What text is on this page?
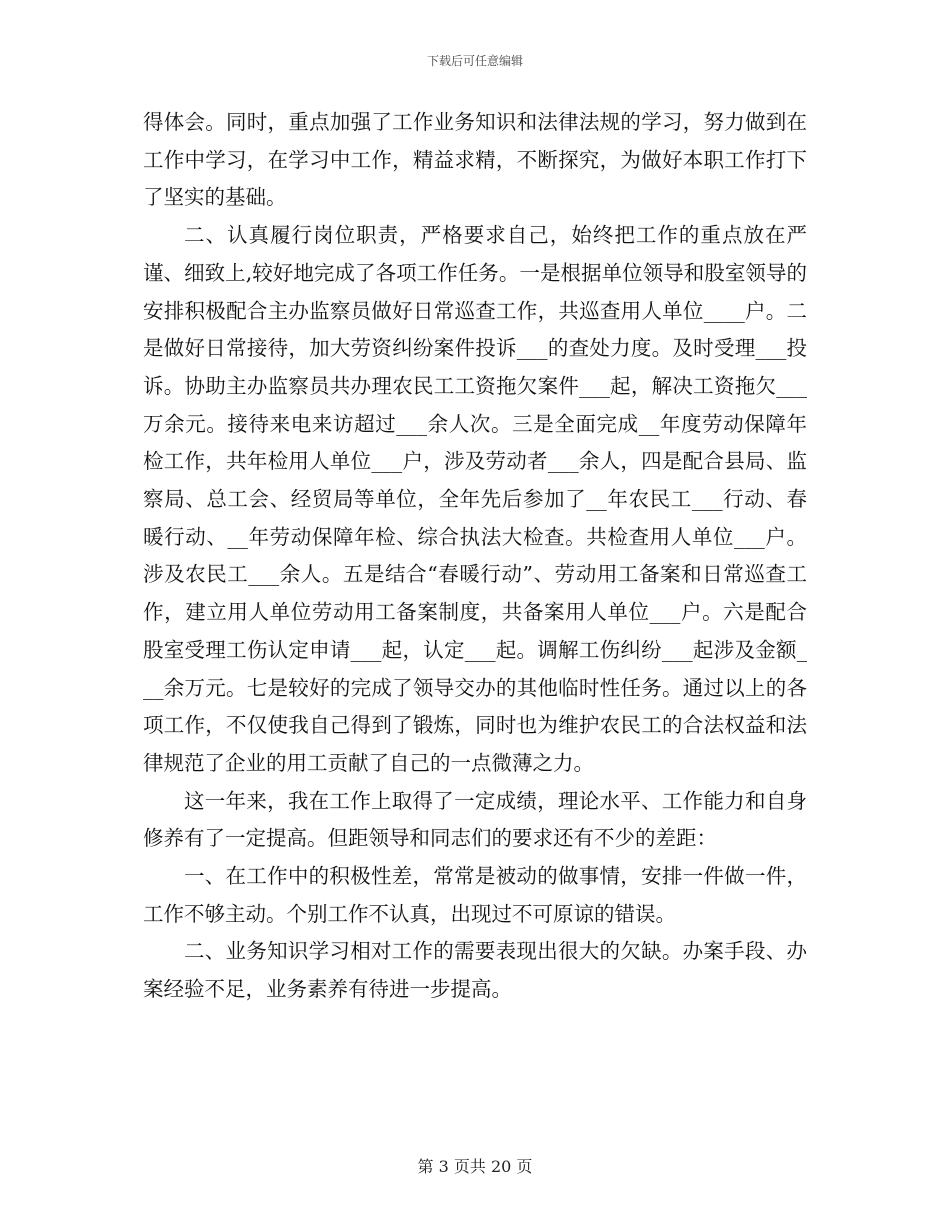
下载后可任意编辑

得体会。同时，重点加强了工作业务知识和法律法规的学习，努力做到在工作中学习，在学习中工作，精益求精，不断探究，为做好本职工作打下了坚实的基础。

二、认真履行岗位职责，严格要求自己，始终把工作的重点放在严谨、细致上,较好地完成了各项工作任务。一是根据单位领导和股室领导的安排积极配合主办监察员做好日常巡查工作，共巡查用人单位____户。二是做好日常接待，加大劳资纠纷案件投诉___的查处力度。及时受理___投诉。协助主办监察员共办理农民工工资拖欠案件___起，解决工资拖欠___万余元。接待来电来访超过___余人次。三是全面完成__年度劳动保障年检工作，共年检用人单位___户，涉及劳动者___余人，四是配合县局、监察局、总工会、经贸局等单位，全年先后参加了__年农民工___行动、春暖行动、__年劳动保障年检、综合执法大检查。共检查用人单位___户。涉及农民工___余人。五是结合“春暖行动”、劳动用工备案和日常巡查工作，建立用人单位劳动用工备案制度，共备案用人单位___户。六是配合股室受理工伤认定申请___起，认定___起。调解工伤纠纷___起涉及金额___余万元。七是较好的完成了领导交办的其他临时性任务。通过以上的各项工作，不仅使我自己得到了锻炼，同时也为维护农民工的合法权益和法律规范了企业的用工贡献了自己的一点微薄之力。

这一年来，我在工作上取得了一定成绩，理论水平、工作能力和自身修养有了一定提高。但距领导和同志们的要求还有不少的差距：

一、在工作中的积极性差，常常是被动的做事情，安排一件做一件，工作不够主动。个别工作不认真，出现过不可原谅的错误。

二、业务知识学习相对工作的需要表现出很大的欠缺。办案手段、办案经验不足，业务素养有待进一步提高。

第 3 页共 20 页
